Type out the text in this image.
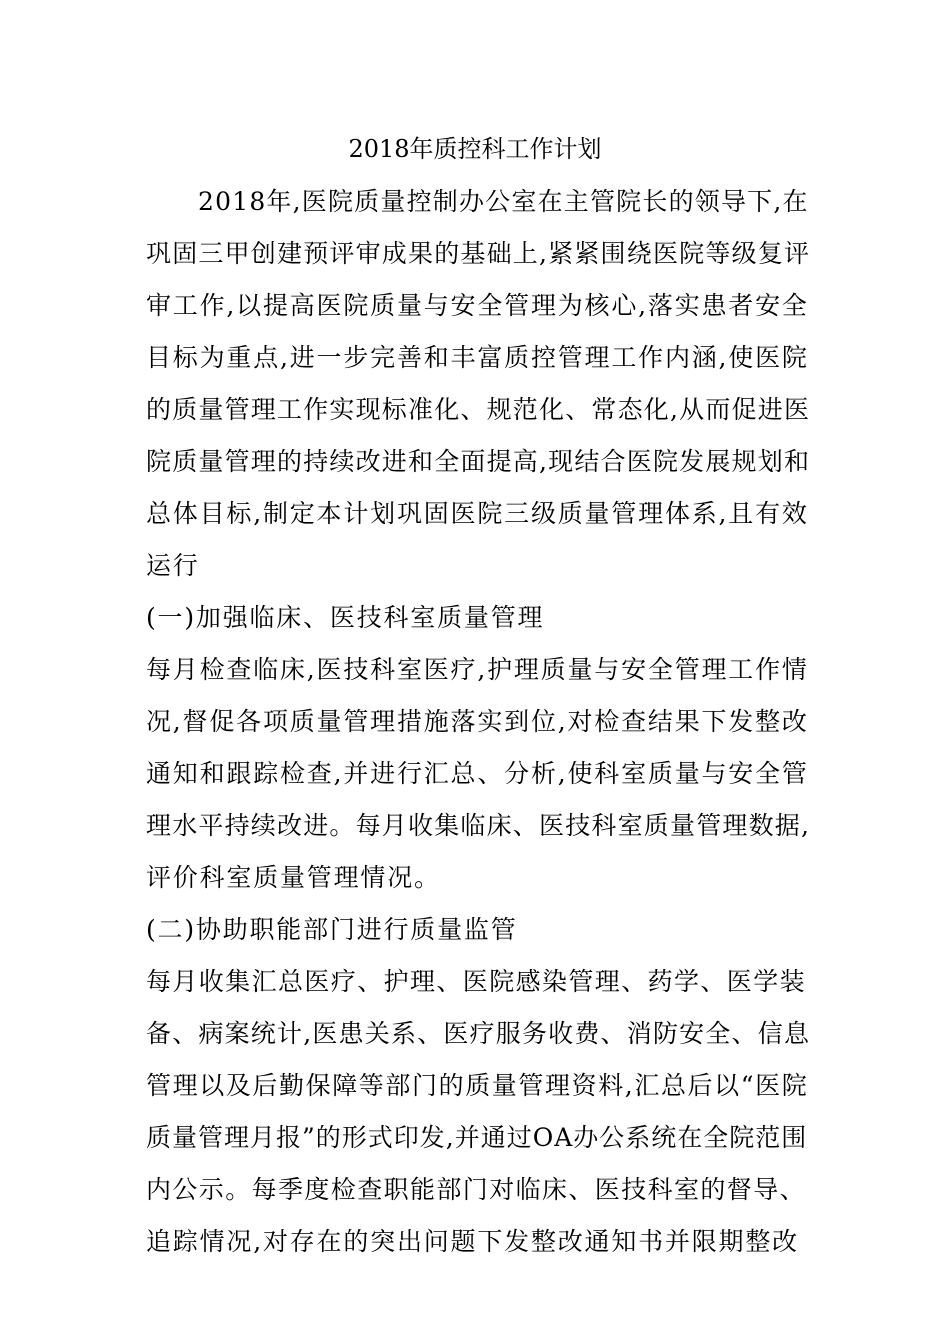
2018年质控科工作计划
2018年,医院质量控制办公室在主管院长的领导下,在
巩固三甲创建预评审成果的基础上,紧紧围绕医院等级复评
审工作,以提高医院质量与安全管理为核心,落实患者安全
目标为重点,进一步完善和丰富质控管理工作内涵,使医院
的质量管理工作实现标准化、规范化、常态化,从而促进医
院质量管理的持续改进和全面提高,现结合医院发展规划和
总体目标,制定本计划巩固医院三级质量管理体系,且有效
运行
(一)加强临床、医技科室质量管理
每月检查临床,医技科室医疗,护理质量与安全管理工作情
况,督促各项质量管理措施落实到位,对检查结果下发整改
通知和跟踪检查,并进行汇总、分析,使科室质量与安全管
理水平持续改进。每月收集临床、医技科室质量管理数据,
评价科室质量管理情况。
(二)协助职能部门进行质量监管
每月收集汇总医疗、护理、医院感染管理、药学、医学装
备、病案统计,医患关系、医疗服务收费、消防安全、信息
管理以及后勤保障等部门的质量管理资料,汇总后以“医院
质量管理月报”的形式印发,并通过OA办公系统在全院范围
内公示。每季度检查职能部门对临床、医技科室的督导、
追踪情况,对存在的突出问题下发整改通知书并限期整改
